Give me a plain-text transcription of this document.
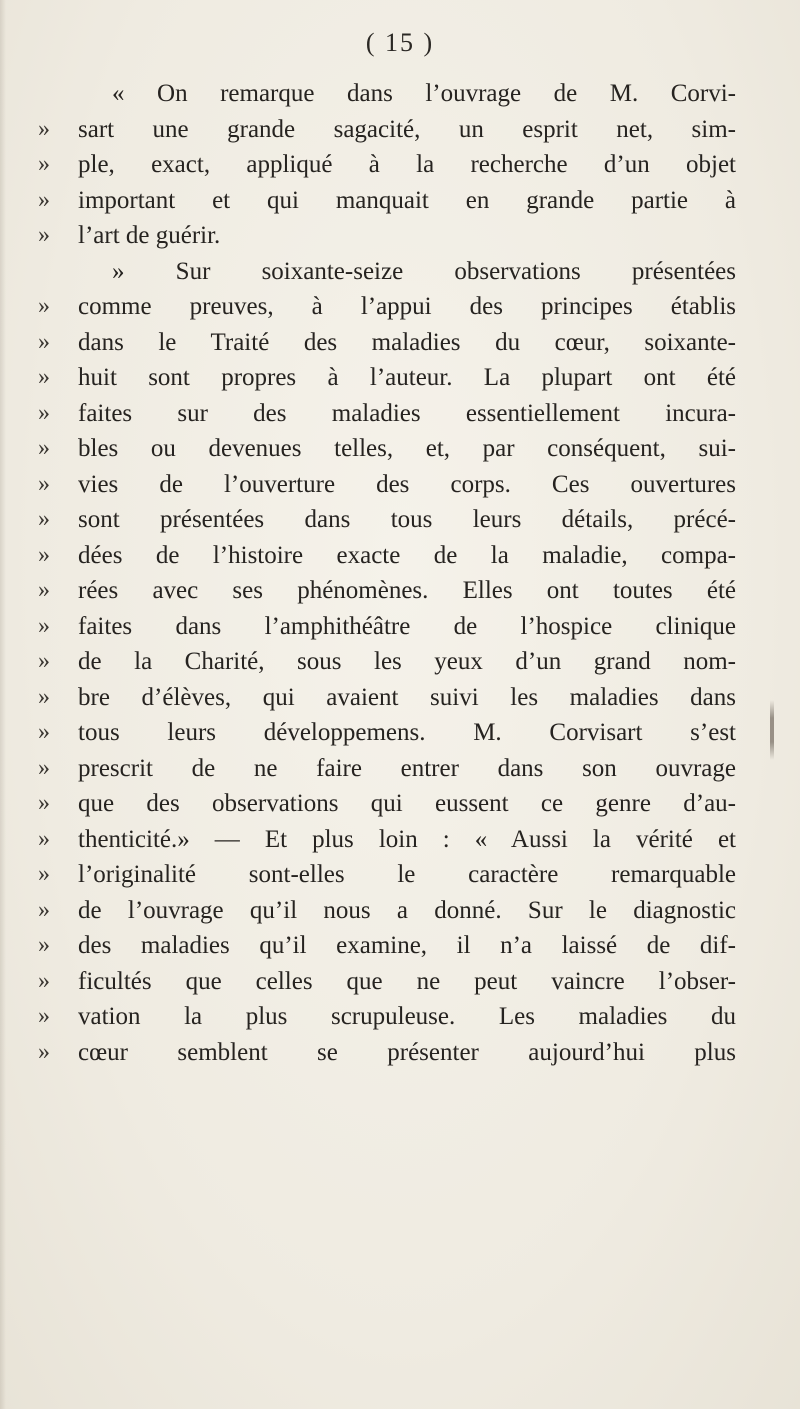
( 15 )
« On remarque dans l’ouvrage de M. Corvi-
»	sart une grande sagacité, un esprit net, sim-
»	ple, exact, appliqué à la recherche d’un objet
»	important et qui manquait en grande partie à
»	l’art de guérir.
» Sur soixante-seize observations présentées
»	comme preuves, à l’appui des principes établis
»	dans le Traité des maladies du cœur, soixante-
»	huit sont propres à l’auteur. La plupart ont été
»	faites sur des maladies essentiellement incura-
»	bles ou devenues telles, et, par conséquent, sui-
»	vies de l’ouverture des corps. Ces ouvertures
»	sont présentées dans tous leurs détails, précé-
»	dées de l’histoire exacte de la maladie, compa-
»	rées avec ses phénomènes. Elles ont toutes été
»	faites dans l’amphithéâtre de l’hospice clinique
»	de la Charité, sous les yeux d’un grand nom-
»	bre d’élèves, qui avaient suivi les maladies dans
»	tous leurs développemens. M. Corvisart s’est
»	prescrit de ne faire entrer dans son ouvrage
»	que des observations qui eussent ce genre d’au-
»	thenticité.» — Et plus loin : « Aussi la vérité et
»	l’originalité sont-elles le caractère remarquable
»	de l’ouvrage qu’il nous a donné. Sur le diagnostic
»	des maladies qu’il examine, il n’a laissé de dif-
»	ficultés que celles que ne peut vaincre l’obser-
»	vation la plus scrupuleuse. Les maladies du
»	cœur semblent se présenter aujourd’hui plus
